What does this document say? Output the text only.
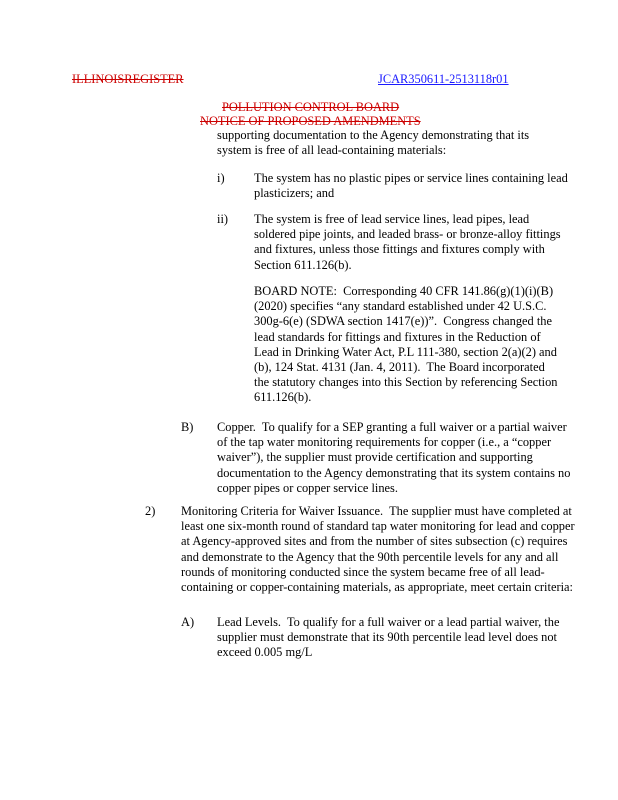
ILLINOISREGISTER	JCAR350611-2513118r01
POLLUTION CONTROL BOARD
NOTICE OF PROPOSED AMENDMENTS
supporting documentation to the Agency demonstrating that its system is free of all lead-containing materials:
i) The system has no plastic pipes or service lines containing lead plasticizers; and
ii) The system is free of lead service lines, lead pipes, lead soldered pipe joints, and leaded brass- or bronze-alloy fittings and fixtures, unless those fittings and fixtures comply with Section 611.126(b).
BOARD NOTE:  Corresponding 40 CFR 141.86(g)(1)(i)(B) (2020) specifies “any standard established under 42 U.S.C. 300g-6(e) (SDWA section 1417(e))”.  Congress changed the lead standards for fittings and fixtures in the Reduction of Lead in Drinking Water Act, P.L 111-380, section 2(a)(2) and (b), 124 Stat. 4131 (Jan. 4, 2011).  The Board incorporated the statutory changes into this Section by referencing Section 611.126(b).
B) Copper.  To qualify for a SEP granting a full waiver or a partial waiver of the tap water monitoring requirements for copper (i.e., a “copper waiver”), the supplier must provide certification and supporting documentation to the Agency demonstrating that its system contains no copper pipes or copper service lines.
2) Monitoring Criteria for Waiver Issuance.  The supplier must have completed at least one six-month round of standard tap water monitoring for lead and copper at Agency-approved sites and from the number of sites subsection (c) requires and demonstrate to the Agency that the 90th percentile levels for any and all rounds of monitoring conducted since the system became free of all lead-containing or copper-containing materials, as appropriate, meet certain criteria:
A) Lead Levels.  To qualify for a full waiver or a lead partial waiver, the supplier must demonstrate that its 90th percentile lead level does not exceed 0.005 mg/L
